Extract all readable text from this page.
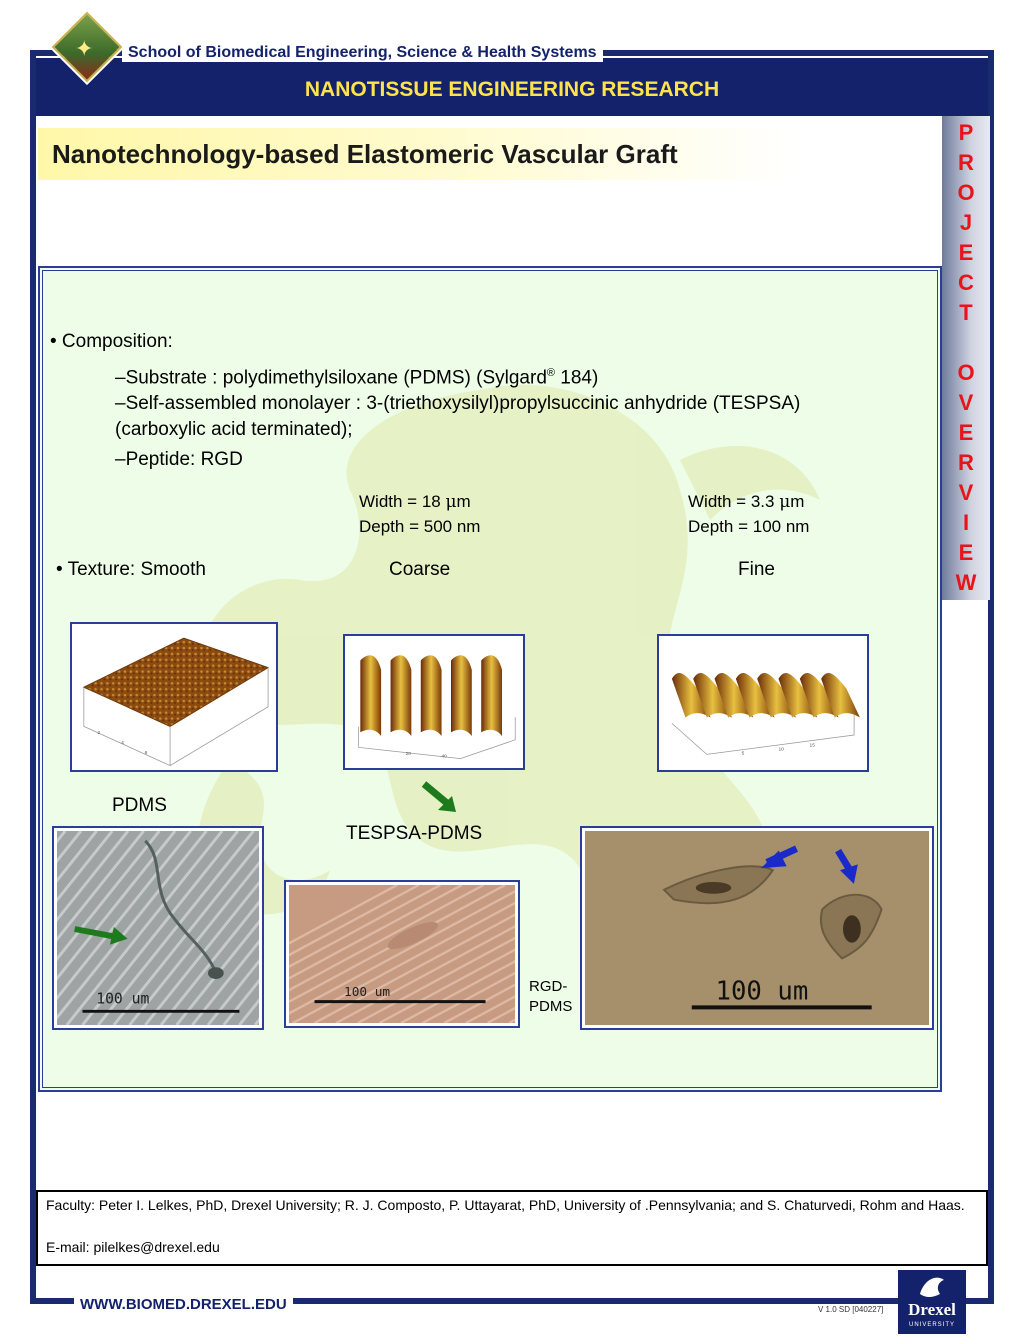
✦	School of Biomedical Engineering, Science & Health Systems
NANOTISSUE ENGINEERING RESEARCH
Nanotechnology-based Elastomeric Vascular Graft
P
R
O
J
E
C
T
O
V
E
R
V
I
E
W
• Composition:
–Substrate : polydimethylsiloxane (PDMS) (Sylgard® 184)
–Self-assembled monolayer : 3-(triethoxysilyl)propylsuccinic anhydride (TESPSA)
(carboxylic acid terminated);
–Peptide: RGD
Width = 18 μm
Depth = 500 nm
Width = 3.3 μm
Depth = 100 nm
• Texture: Smooth	Coarse	Fine
2
4
6	20
40
5
10
15
PDMS
TESPSA-PDMS
RGD-
PDMS
100 um	100 um	100 um
Faculty: Peter I. Lelkes, PhD, Drexel University; R. J. Composto, P. Uttayarat, PhD, University of .Pennsylvania; and S. Chaturvedi, Rohm and Haas.
E-mail: pilelkes@drexel.edu
WWW.BIOMED.DREXEL.EDU	V 1.0 SD [040227]	Drexel
UNIVERSITY
